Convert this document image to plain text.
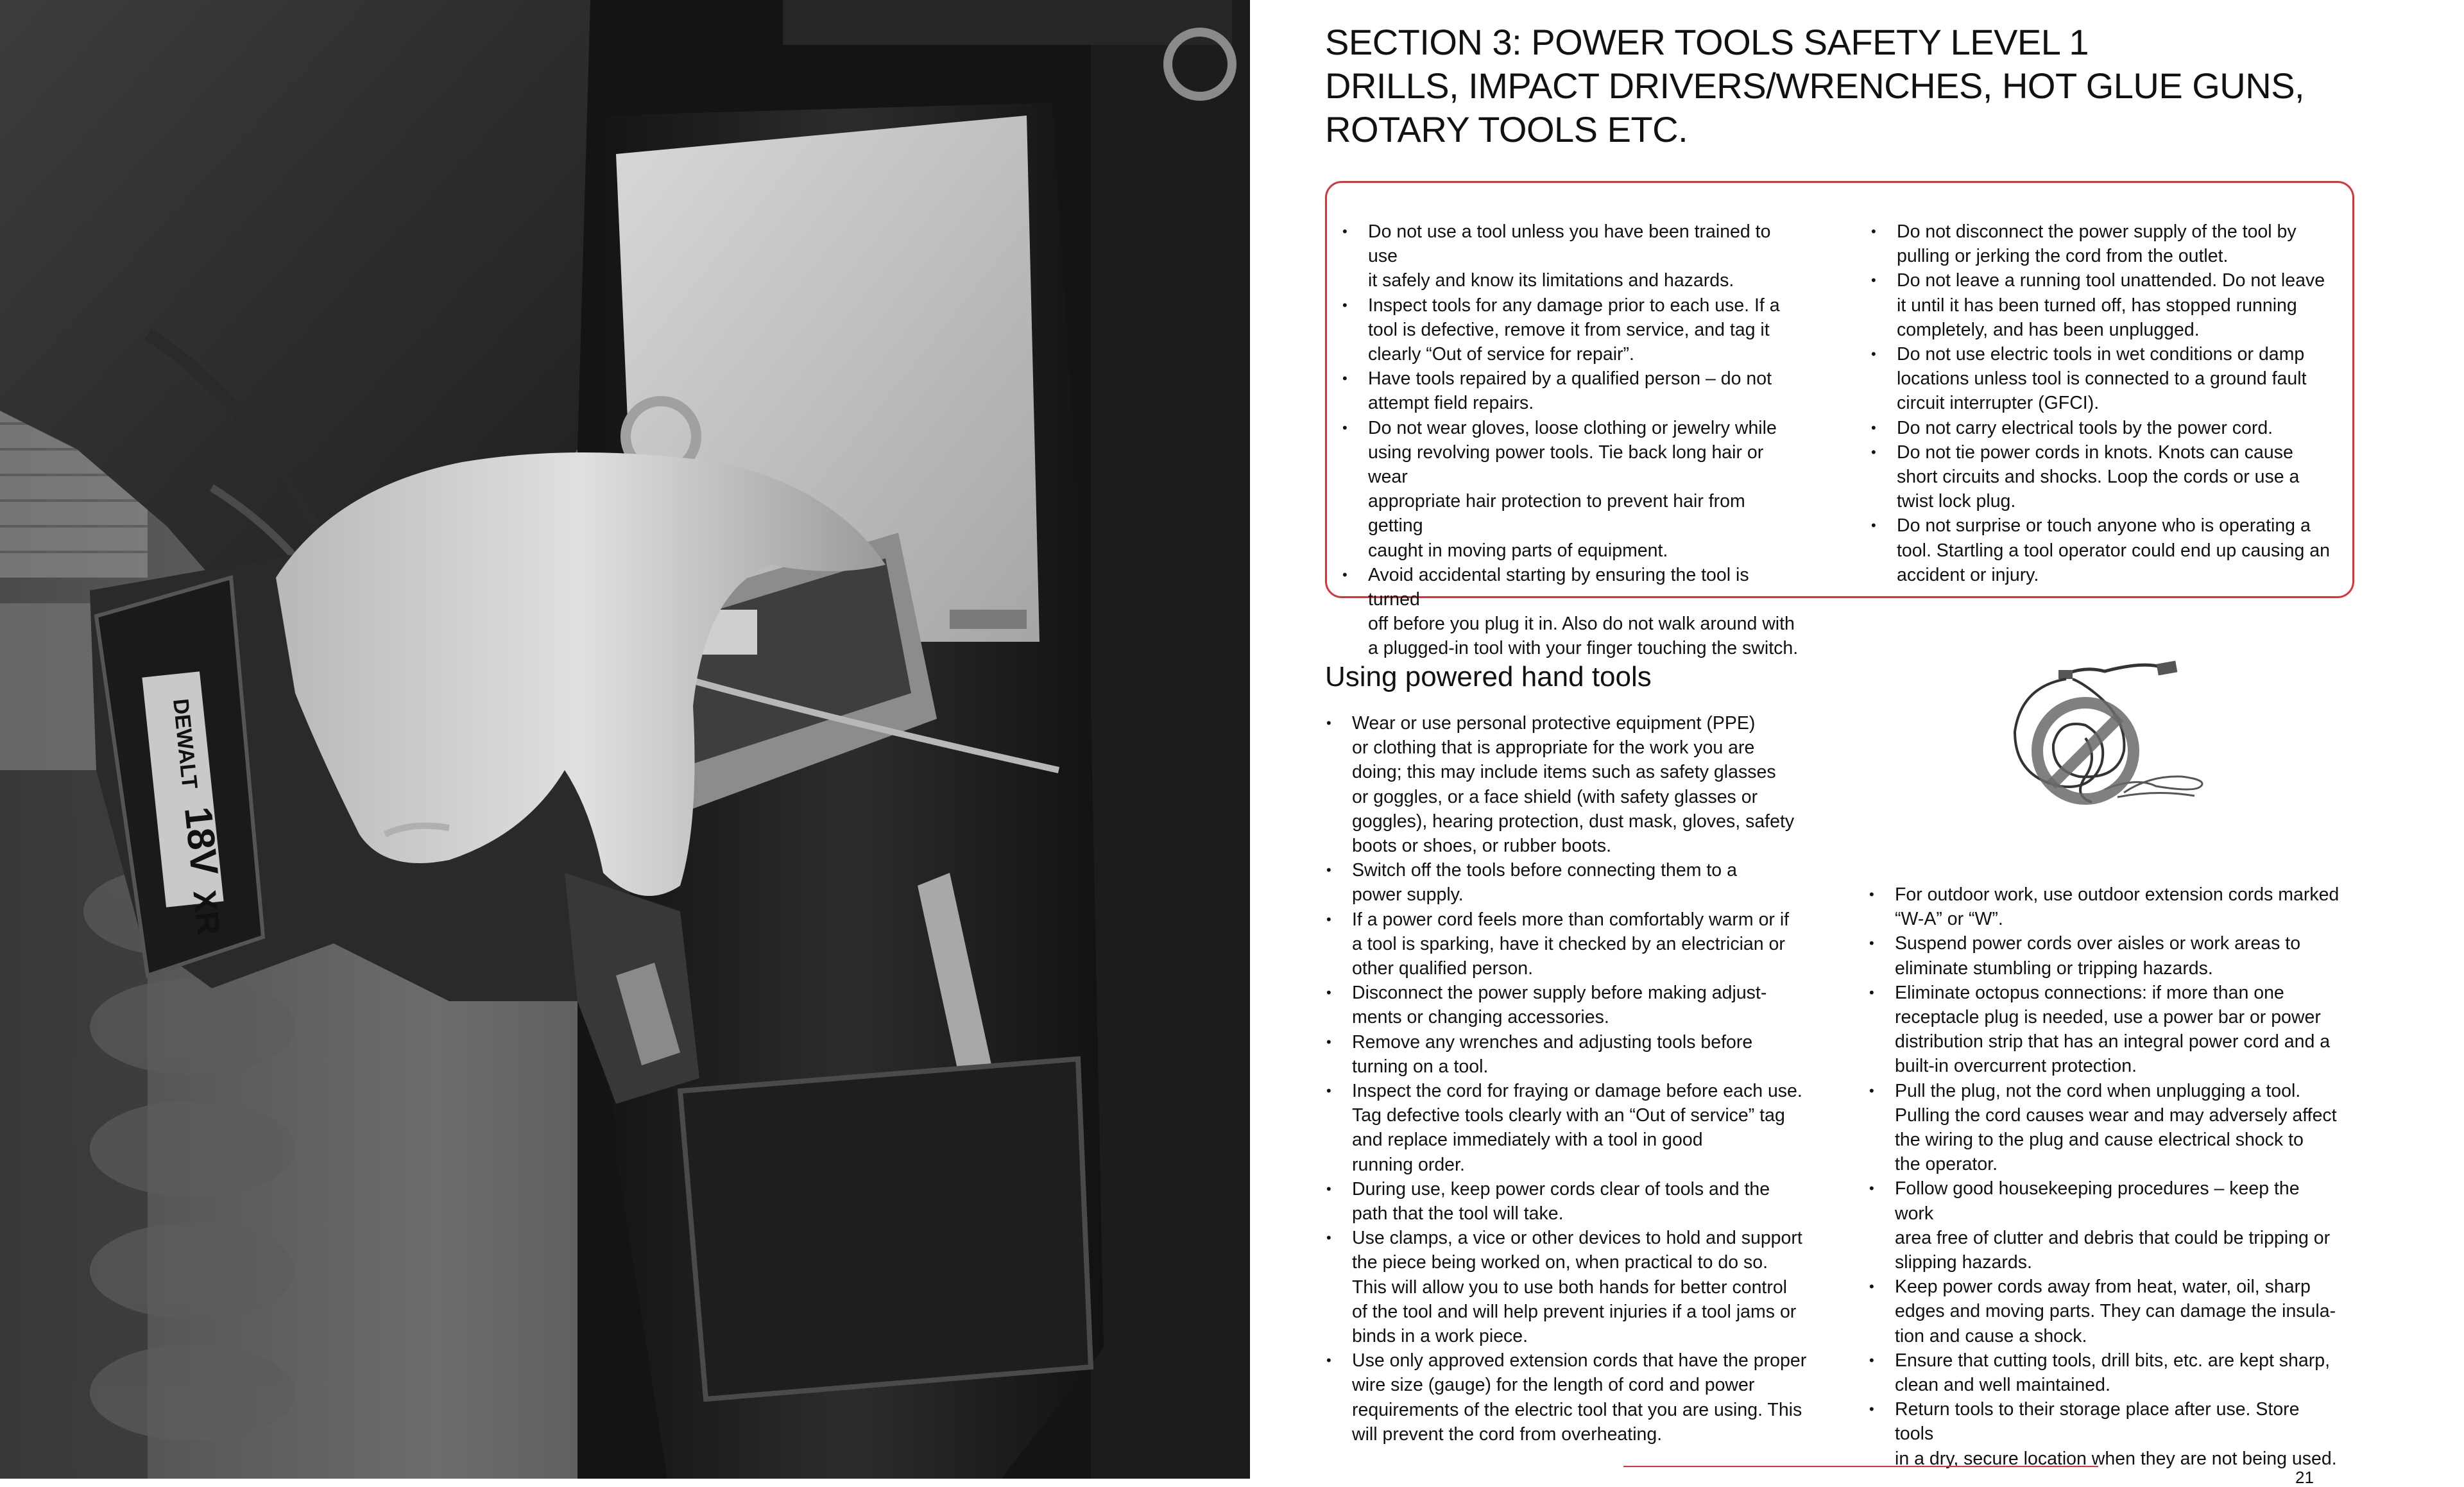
DEWALT 18V XR
SECTION 3: POWER TOOLS SAFETY LEVEL 1
DRILLS, IMPACT DRIVERS/WRENCHES, HOT GLUE GUNS,
ROTARY TOOLS ETC.
• Do not use a tool unless you have been trained to use
it safely and know its limitations and hazards.
• Inspect tools for any damage prior to each use. If a
tool is defective, remove it from service, and tag it
clearly “Out of service for repair”.
• Have tools repaired by a qualified person – do not
attempt field repairs.
• Do not wear gloves, loose clothing or jewelry while
using revolving power tools. Tie back long hair or wear
appropriate hair protection to prevent hair from getting
caught in moving parts of equipment.
• Avoid accidental starting by ensuring the tool is turned
off before you plug it in. Also do not walk around with
a plugged-in tool with your finger touching the switch.
• Do not disconnect the power supply of the tool by
pulling or jerking the cord from the outlet.
• Do not leave a running tool unattended. Do not leave
it until it has been turned off, has stopped running
completely, and has been unplugged.
• Do not use electric tools in wet conditions or damp
locations unless tool is connected to a ground fault
circuit interrupter (GFCI).
• Do not carry electrical tools by the power cord.
• Do not tie power cords in knots. Knots can cause
short circuits and shocks. Loop the cords or use a
twist lock plug.
• Do not surprise or touch anyone who is operating a
tool. Startling a tool operator could end up causing an
accident or injury.
Using powered hand tools
• Wear or use personal protective equipment (PPE)
or clothing that is appropriate for the work you are
doing; this may include items such as safety glasses
or goggles, or a face shield (with safety glasses or
goggles), hearing protection, dust mask, gloves, safety
boots or shoes, or rubber boots.
• Switch off the tools before connecting them to a
power supply.
• If a power cord feels more than comfortably warm or if
a tool is sparking, have it checked by an electrician or
other qualified person.
• Disconnect the power supply before making adjust-
ments or changing accessories.
• Remove any wrenches and adjusting tools before
turning on a tool.
• Inspect the cord for fraying or damage before each use.
Tag defective tools clearly with an “Out of service” tag
and replace immediately with a tool in good
running order.
• During use, keep power cords clear of tools and the
path that the tool will take.
• Use clamps, a vice or other devices to hold and support
the piece being worked on, when practical to do so.
This will allow you to use both hands for better control
of the tool and will help prevent injuries if a tool jams or
binds in a work piece.
• Use only approved extension cords that have the proper
wire size (gauge) for the length of cord and power
requirements of the electric tool that you are using. This
will prevent the cord from overheating.
• For outdoor work, use outdoor extension cords marked
“W-A” or “W”.
• Suspend power cords over aisles or work areas to
eliminate stumbling or tripping hazards.
• Eliminate octopus connections: if more than one
receptacle plug is needed, use a power bar or power
distribution strip that has an integral power cord and a
built-in overcurrent protection.
• Pull the plug, not the cord when unplugging a tool.
Pulling the cord causes wear and may adversely affect
the wiring to the plug and cause electrical shock to
the operator.
• Follow good housekeeping procedures – keep the work
area free of clutter and debris that could be tripping or
slipping hazards.
• Keep power cords away from heat, water, oil, sharp
edges and moving parts. They can damage the insula-
tion and cause a shock.
• Ensure that cutting tools, drill bits, etc. are kept sharp,
clean and well maintained.
• Return tools to their storage place after use. Store tools
in a dry, secure location when they are not being used.
21
